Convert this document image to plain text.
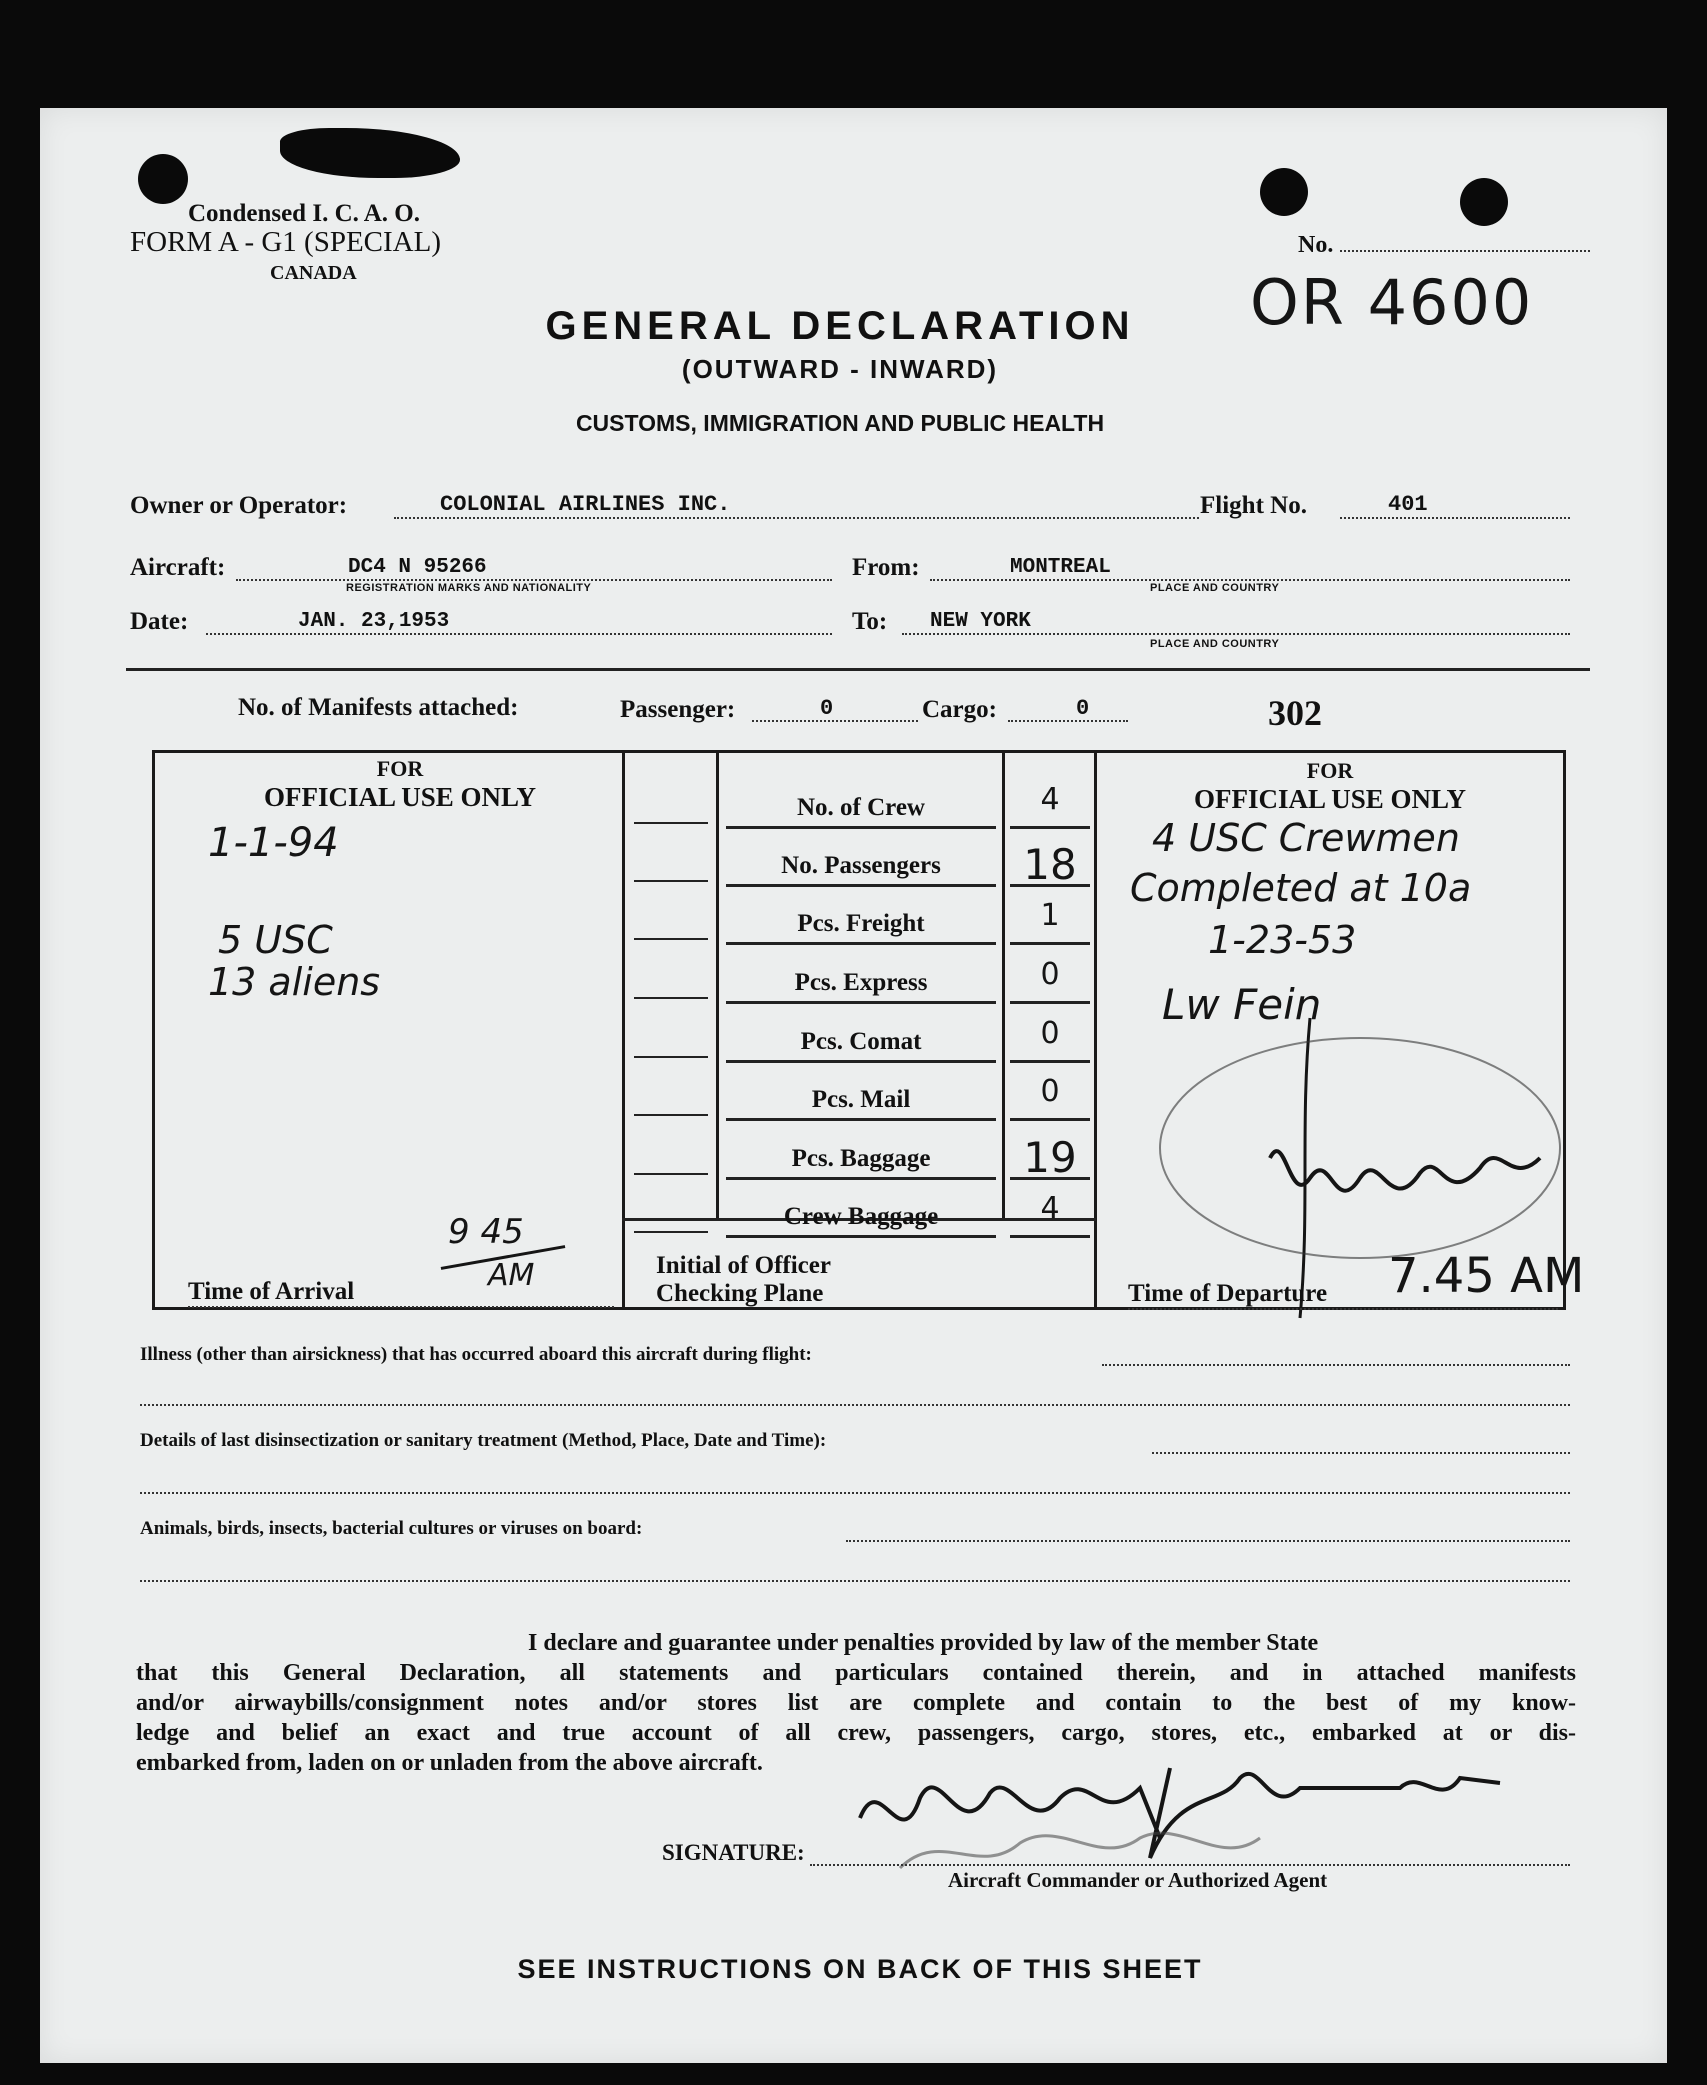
Condensed I. C. A. O.
FORM A - G1 (SPECIAL)
CANADA
No.
OR 4600
GENERAL DECLARATION
(OUTWARD - INWARD)
CUSTOMS, IMMIGRATION AND PUBLIC HEALTH
Owner or Operator:	COLONIAL AIRLINES INC.	Flight No.	401
Aircraft:	DC4 N 95266
REGISTRATION MARKS AND NATIONALITY
From:	MONTREAL
PLACE AND COUNTRY
Date:	JAN. 23,1953	To: NEW YORK
PLACE AND COUNTRY
No. of Manifests attached:	Passenger:	0	Cargo:	0	302
FOR
OFFICIAL USE ONLY
1-1-94
5 USC
13 aliens
Time of Arrival
9 45
AM
No. of Crew	4
No. Passengers	18
Pcs. Freight	1
Pcs. Express	0
Pcs. Comat	0
Pcs. Mail	0
Pcs. Baggage	19
Crew Baggage	4
Initial of Officer
Checking Plane
FOR
OFFICIAL USE ONLY
4 USC Crewmen
Completed at 10a
1-23-53
Lw Fein
Time of Departure 7.45 AM
Illness (other than airsickness) that has occurred aboard this aircraft during flight:
Details of last disinsectization or sanitary treatment (Method, Place, Date and Time):
Animals, birds, insects, bacterial cultures or viruses on board:
I declare and guarantee under penalties provided by law of the member State
that this General Declaration, all statements and particulars contained therein, and in attached manifests
and/or airwaybills/consignment notes and/or stores list are complete and contain to the best of my know-
ledge and belief an exact and true account of all crew, passengers, cargo, stores, etc., embarked at or dis-
embarked from, laden on or unladen from the above aircraft.
SIGNATURE:
Aircraft Commander or Authorized Agent
SEE INSTRUCTIONS ON BACK OF THIS SHEET
